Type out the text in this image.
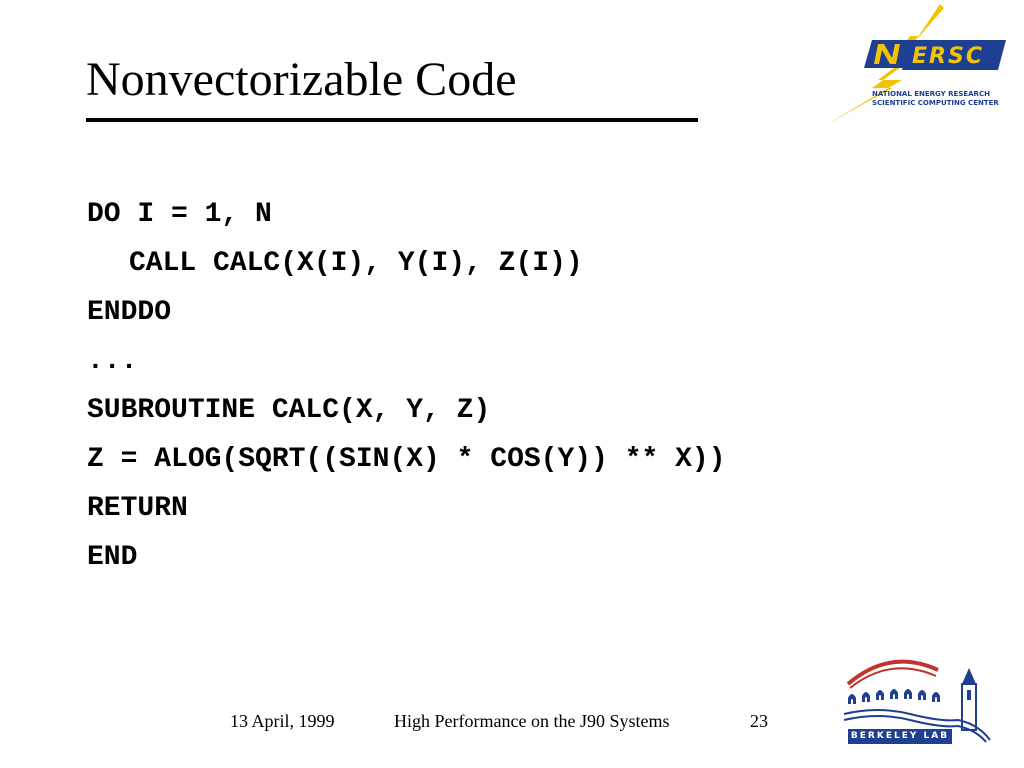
Nonvectorizable Code
DO I = 1, N
CALL CALC(X(I), Y(I), Z(I))
ENDDO
...
SUBROUTINE CALC(X, Y, Z)
Z = ALOG(SQRT((SIN(X) * COS(Y)) ** X))
RETURN
END
ERSC
NATIONAL ENERGY RESEARCH
SCIENTIFIC COMPUTING CENTER
BERKELEY LAB
13 April, 1999	High Performance on the J90 Systems	23
